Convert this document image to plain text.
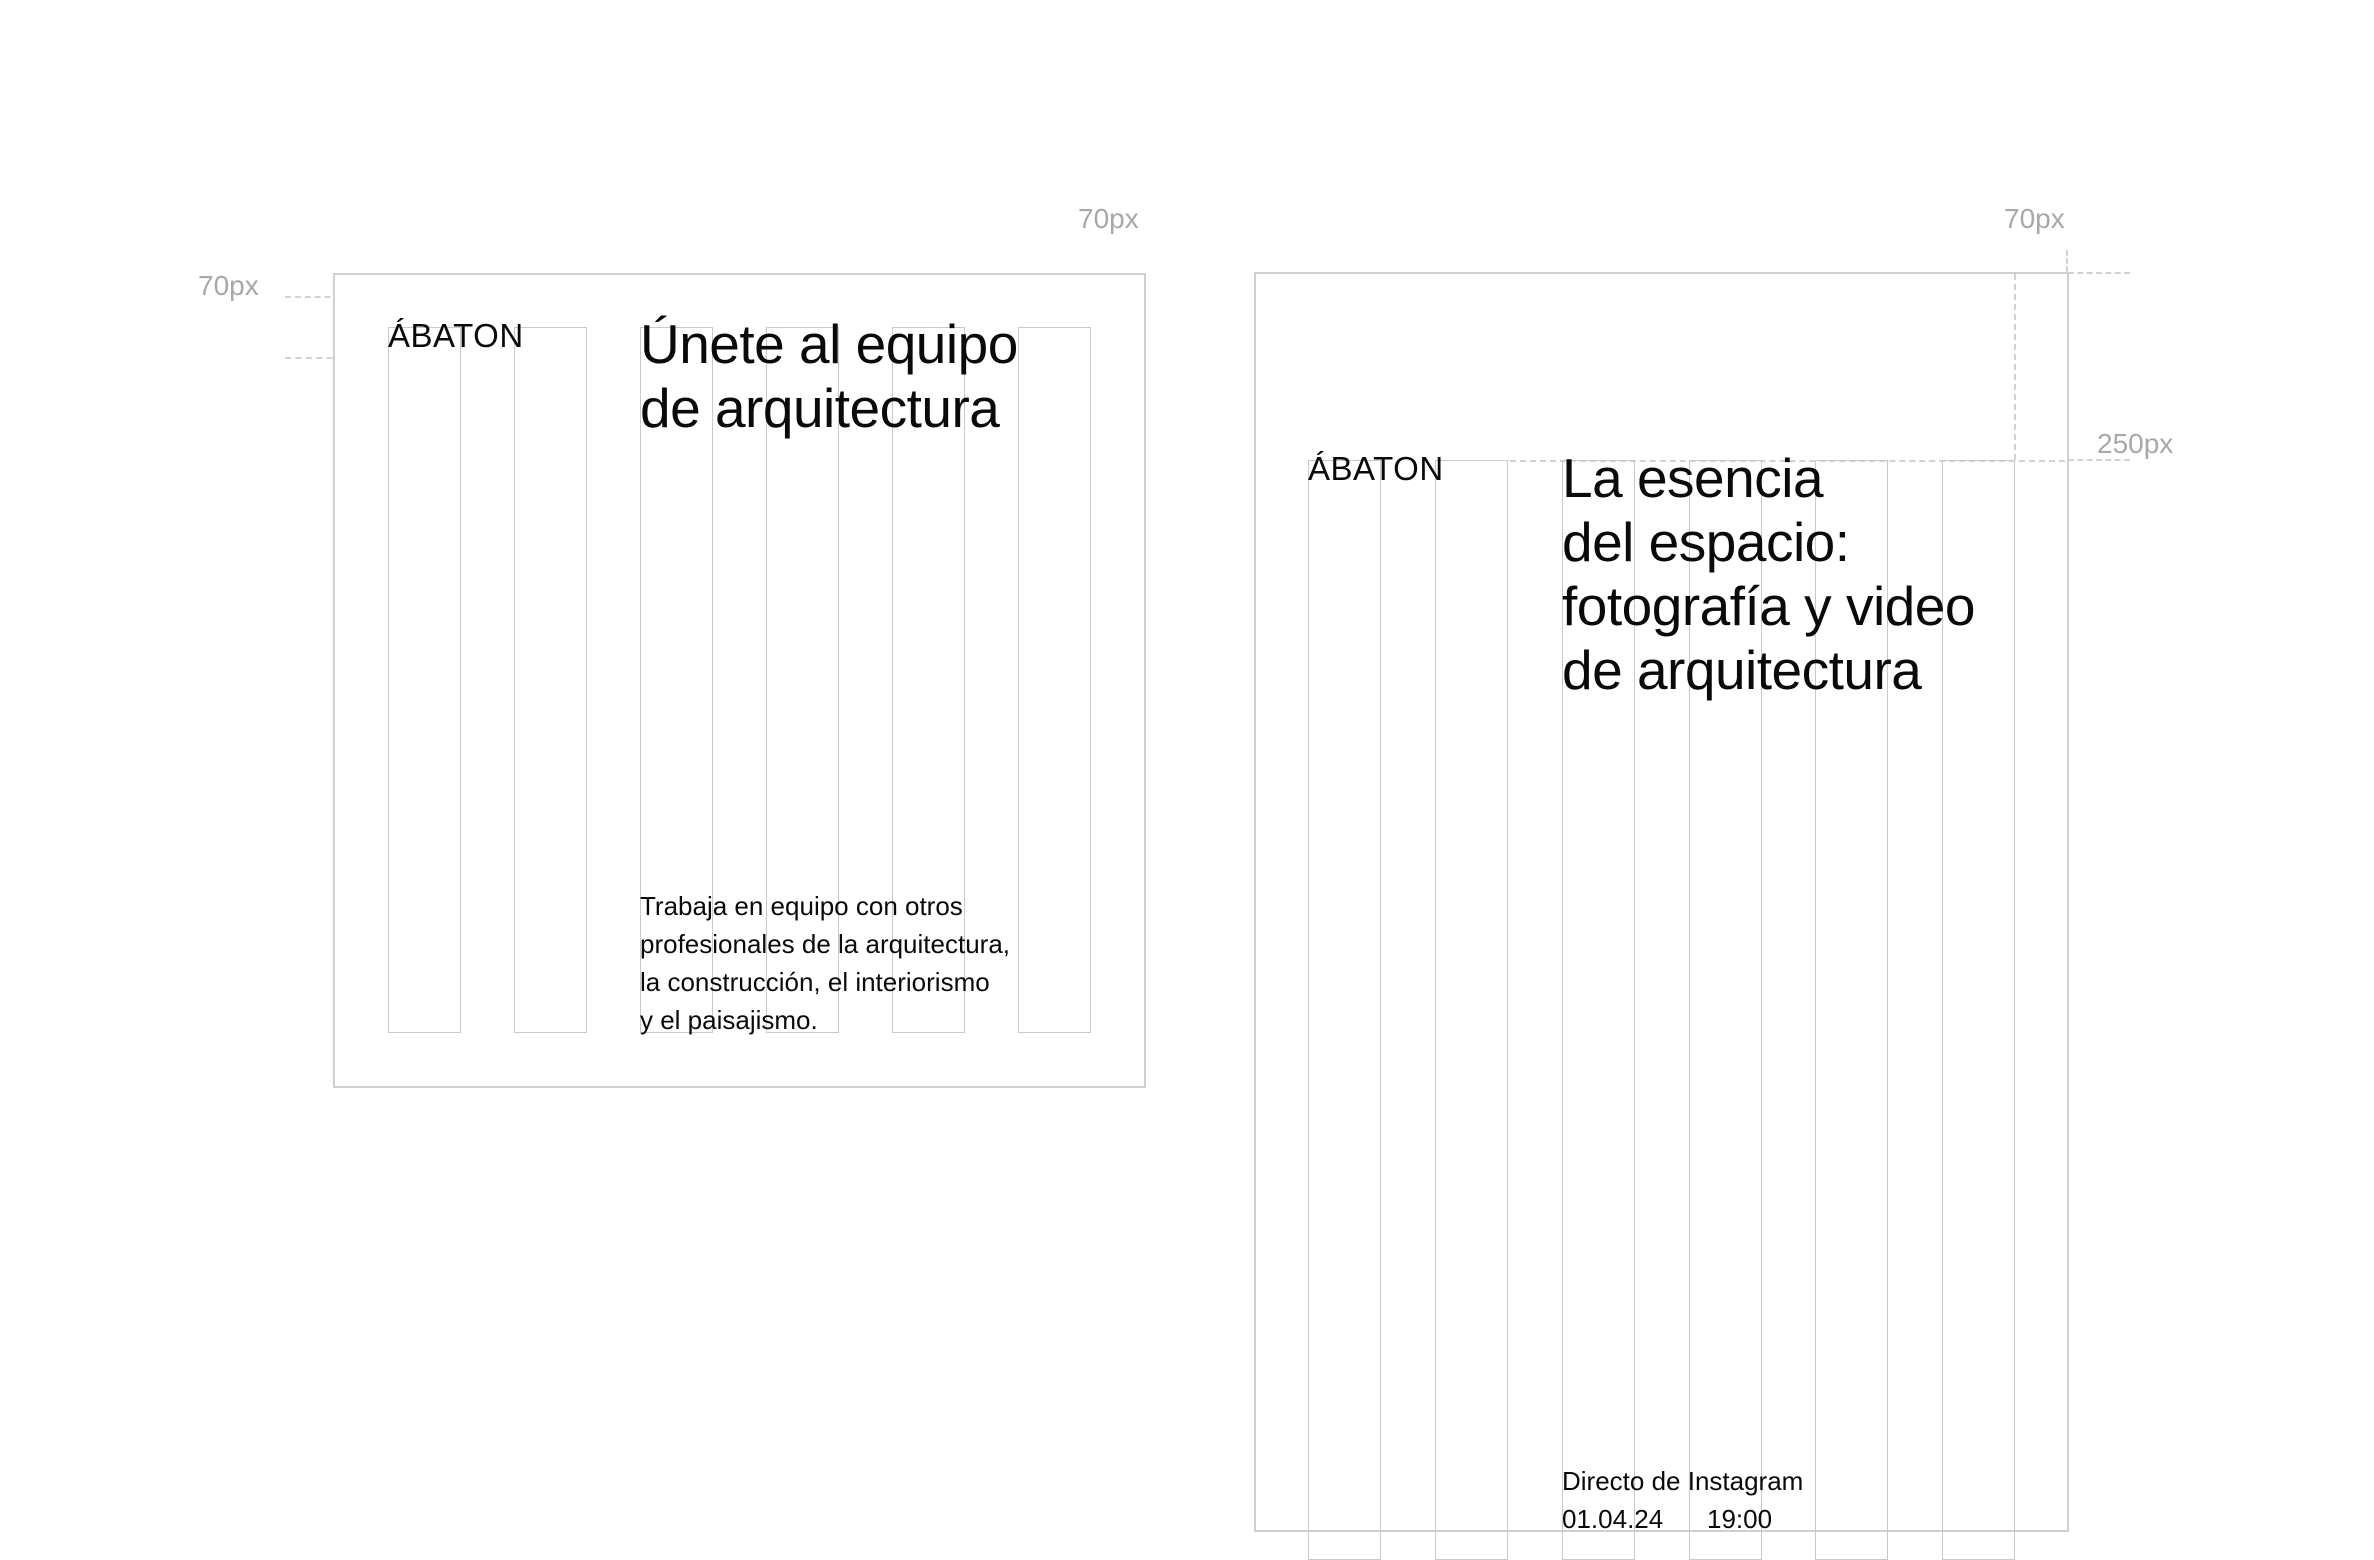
70px
70px
ÁBATON Únete al equipo
de arquitectura
Trabaja en equipo con otros
profesionales de la arquitectura,
la construcción, el interiorismo
y el paisajismo.
70px
250px
ÁBATON La esencia
del espacio:
fotografía y video
de arquitectura
Directo de Instagram
01.04.24 19:00
